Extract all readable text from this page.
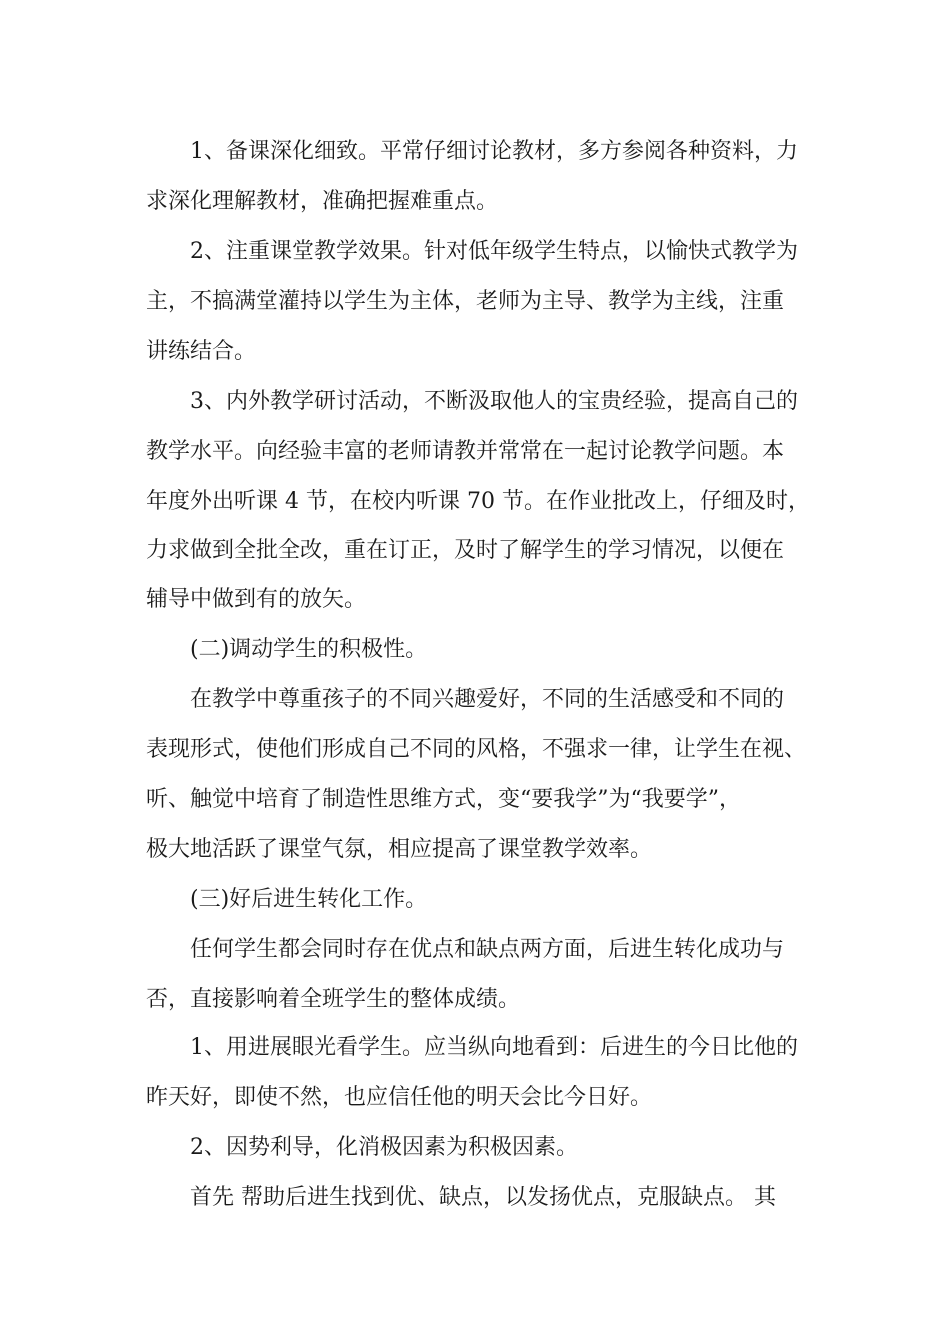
1、备课深化细致。平常仔细讨论教材，多方参阅各种资料，力
求深化理解教材，准确把握难重点。
2、注重课堂教学效果。针对低年级学生特点，以愉快式教学为
主，不搞满堂灌持以学生为主体，老师为主导、教学为主线，注重
讲练结合。
3、内外教学研讨活动，不断汲取他人的宝贵经验，提高自己的
教学水平。向经验丰富的老师请教并常常在一起讨论教学问题。本
年度外出听课 4 节，在校内听课 70 节。在作业批改上，仔细及时，
力求做到全批全改，重在订正，及时了解学生的学习情况，以便在
辅导中做到有的放矢。
(二)调动学生的积极性。
在教学中尊重孩子的不同兴趣爱好，不同的生活感受和不同的
表现形式，使他们形成自己不同的风格，不强求一律，让学生在视、
听、触觉中培育了制造性思维方式，变“要我学”为“我要学”，
极大地活跃了课堂气氛，相应提高了课堂教学效率。
(三)好后进生转化工作。
任何学生都会同时存在优点和缺点两方面，后进生转化成功与
否，直接影响着全班学生的整体成绩。
1、用进展眼光看学生。应当纵向地看到：后进生的今日比他的
昨天好，即使不然，也应信任他的明天会比今日好。
2、因势利导，化消极因素为积极因素。
首先 帮助后进生找到优、缺点，以发扬优点，克服缺点。 其
